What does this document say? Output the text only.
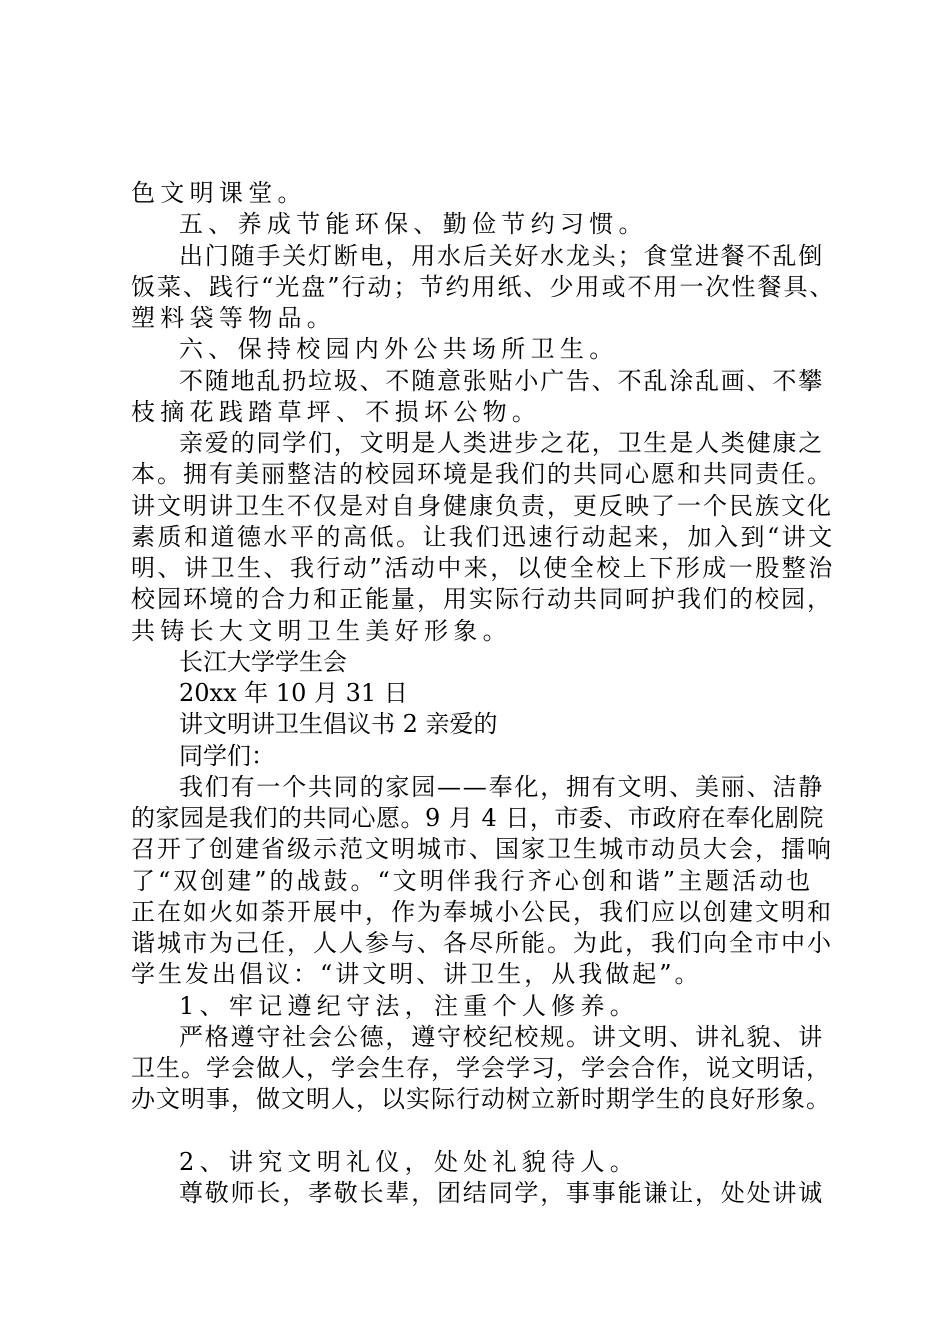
色文明课堂。
五、养成节能环保、勤俭节约习惯。
出门随手关灯断电，用水后关好水龙头；食堂进餐不乱倒
饭菜、践行“光盘”行动；节约用纸、少用或不用一次性餐具、
塑料袋等物品。
六、保持校园内外公共场所卫生。
不随地乱扔垃圾、不随意张贴小广告、不乱涂乱画、不攀
枝摘花践踏草坪、不损坏公物。
亲爱的同学们，文明是人类进步之花，卫生是人类健康之
本。拥有美丽整洁的校园环境是我们的共同心愿和共同责任。
讲文明讲卫生不仅是对自身健康负责，更反映了一个民族文化
素质和道德水平的高低。让我们迅速行动起来，加入到“讲文
明、讲卫生、我行动”活动中来，以使全校上下形成一股整治
校园环境的合力和正能量，用实际行动共同呵护我们的校园，
共铸长大文明卫生美好形象。
长江大学学生会
20xx 年 10 月 31 日
讲文明讲卫生倡议书 2 亲爱的
同学们：
我们有一个共同的家园——奉化，拥有文明、美丽、洁静
的家园是我们的共同心愿。9 月 4 日，市委、市政府在奉化剧院
召开了创建省级示范文明城市、国家卫生城市动员大会，擂响
了“双创建”的战鼓。“文明伴我行齐心创和谐”主题活动也
正在如火如荼开展中，作为奉城小公民，我们应以创建文明和
谐城市为己任，人人参与、各尽所能。为此，我们向全市中小
学生发出倡议：“讲文明、讲卫生，从我做起”。
1、牢记遵纪守法，注重个人修养。
严格遵守社会公德，遵守校纪校规。讲文明、讲礼貌、讲
卫生。学会做人，学会生存，学会学习，学会合作，说文明话，
办文明事，做文明人，以实际行动树立新时期学生的良好形象。
2、讲究文明礼仪，处处礼貌待人。
尊敬师长，孝敬长辈，团结同学，事事能谦让，处处讲诚
